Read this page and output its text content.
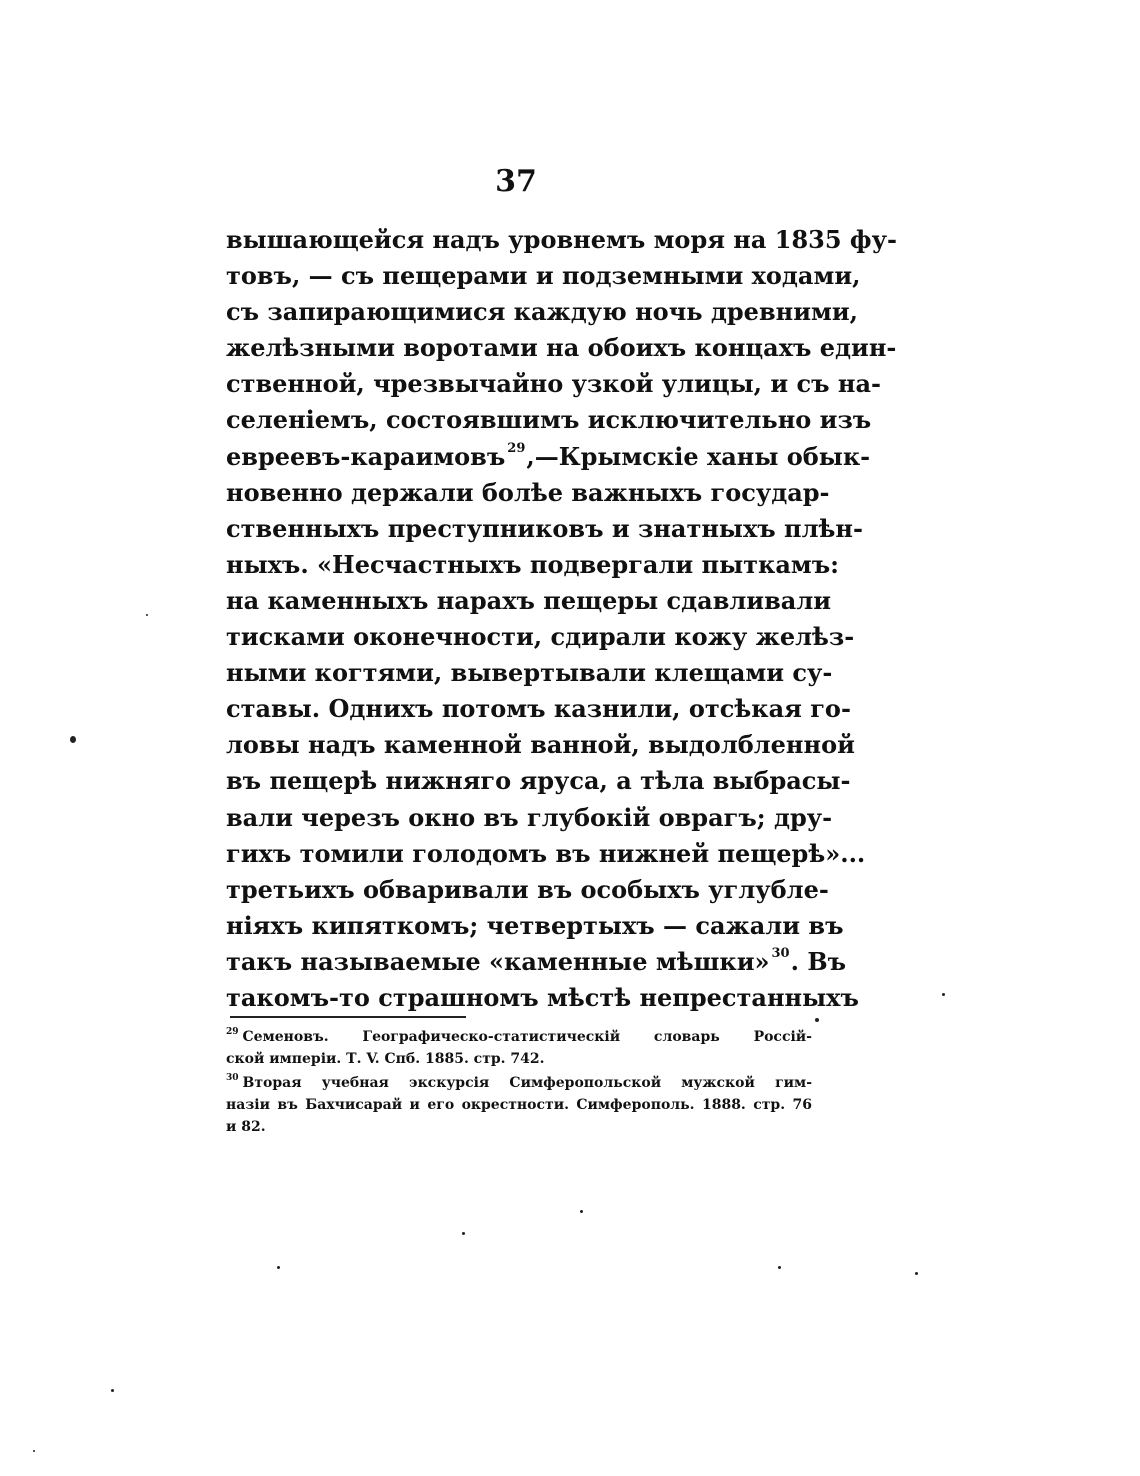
37
вышающейся надъ уровнемъ моря на 1835 фу-
товъ, — съ пещерами и подземными ходами,
съ запирающимися каждую ночь древними,
желѣзными воротами на обоихъ концахъ един-
ственной, чрезвычайно узкой улицы, и съ на-
селеніемъ, состоявшимъ исключительно изъ
евреевъ-караимовъ $^{29}$,—Крымскіе ханы обык-
новенно держали болѣе важныхъ государ-
ственныхъ преступниковъ и знатныхъ плѣн-
ныхъ. «Несчастныхъ подвергали пыткамъ:
на каменныхъ нарахъ пещеры сдавливали
тисками оконечности, сдирали кожу желѣз-
ными когтями, вывертывали клещами су-
ставы. Однихъ потомъ казнили, отсѣкая го-
ловы надъ каменной ванной, выдолбленной
въ пещерѣ нижняго яруса, а тѣла выбрасы-
вали черезъ окно въ глубокій оврагъ; дру-
гихъ томили голодомъ въ нижней пещерѣ»...
третьихъ обваривали въ особыхъ углубле-
ніяхъ кипяткомъ; четвертыхъ — сажали въ
такъ называемые «каменные мѣшки» $^{30}$. Въ
такомъ-то страшномъ мѣстѣ непрестанныхъ
$^{29}$ Семеновъ. Географическо-статистическій словарь Россій-
ской имперіи. Т. V. Спб. 1885. стр. 742.
$^{30}$ Вторая учебная экскурсія Симферопольской мужской гим-
назіи въ Бахчисарай и его окрестности. Симферополь. 1888. стр. 76
и 82.
